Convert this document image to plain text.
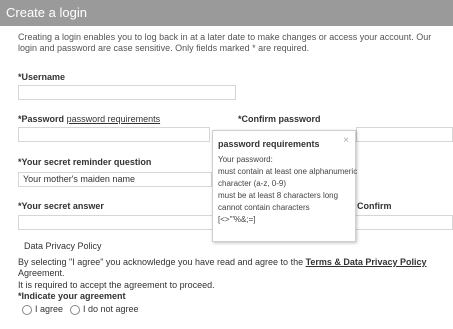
Create a login
Creating a login enables you to log back in at a later date to make changes or access your account. Our login and password are case sensitive. Only fields marked * are required.
*Username
*Password password requirements	*Confirm password
*Your secret reminder question
Your mother's maiden name
*Your secret answer	Confirm
Data Privacy Policy
By selecting "I agree" you acknowledge you have read and agree to the Terms & Data Privacy Policy Agreement.
It is required to accept the agreement to proceed.
*Indicate your agreement
I agree	I do not agree
×
password requirements
Your password:
must contain at least one alphanumeric
character (a-z, 0-9)
must be at least 8 characters long
cannot contain characters
[<>'"%&;=]
